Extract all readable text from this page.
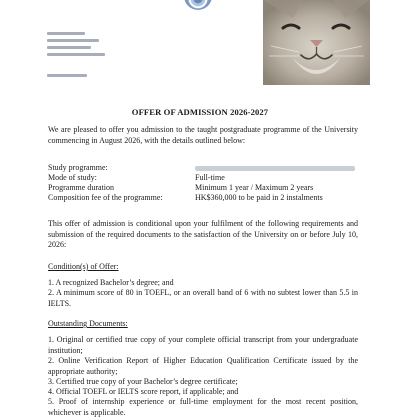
OFFER OF ADMISSION 2026-2027
We are pleased to offer you admission to the taught postgraduate programme of the University commencing in August 2026, with the details outlined below:
Study programme:
Mode of study:	Full-time
Programme duration	Minimum 1 year / Maximum 2 years
Composition fee of the programme:	HK$360,000 to be paid in 2 instalments
This offer of admission is conditional upon your fulfilment of the following requirements and submission of the required documents to the satisfaction of the University on or before July 10, 2026:
Condition(s) of Offer:
1. A recognized Bachelor’s degree; and
2. A minimum score of 80 in TOEFL, or an overall band of 6 with no subtest lower than 5.5 in IELTS.
Outstanding Documents:
1. Original or certified true copy of your complete official transcript from your undergraduate institution;
2. Online Verification Report of Higher Education Qualification Certificate issued by the appropriate authority;
3. Certified true copy of your Bachelor’s degree certificate;
4. Official TOEFL or IELTS score report, if applicable; and
5. Proof of internship experience or full-time employment for the most recent position, whichever is applicable.
